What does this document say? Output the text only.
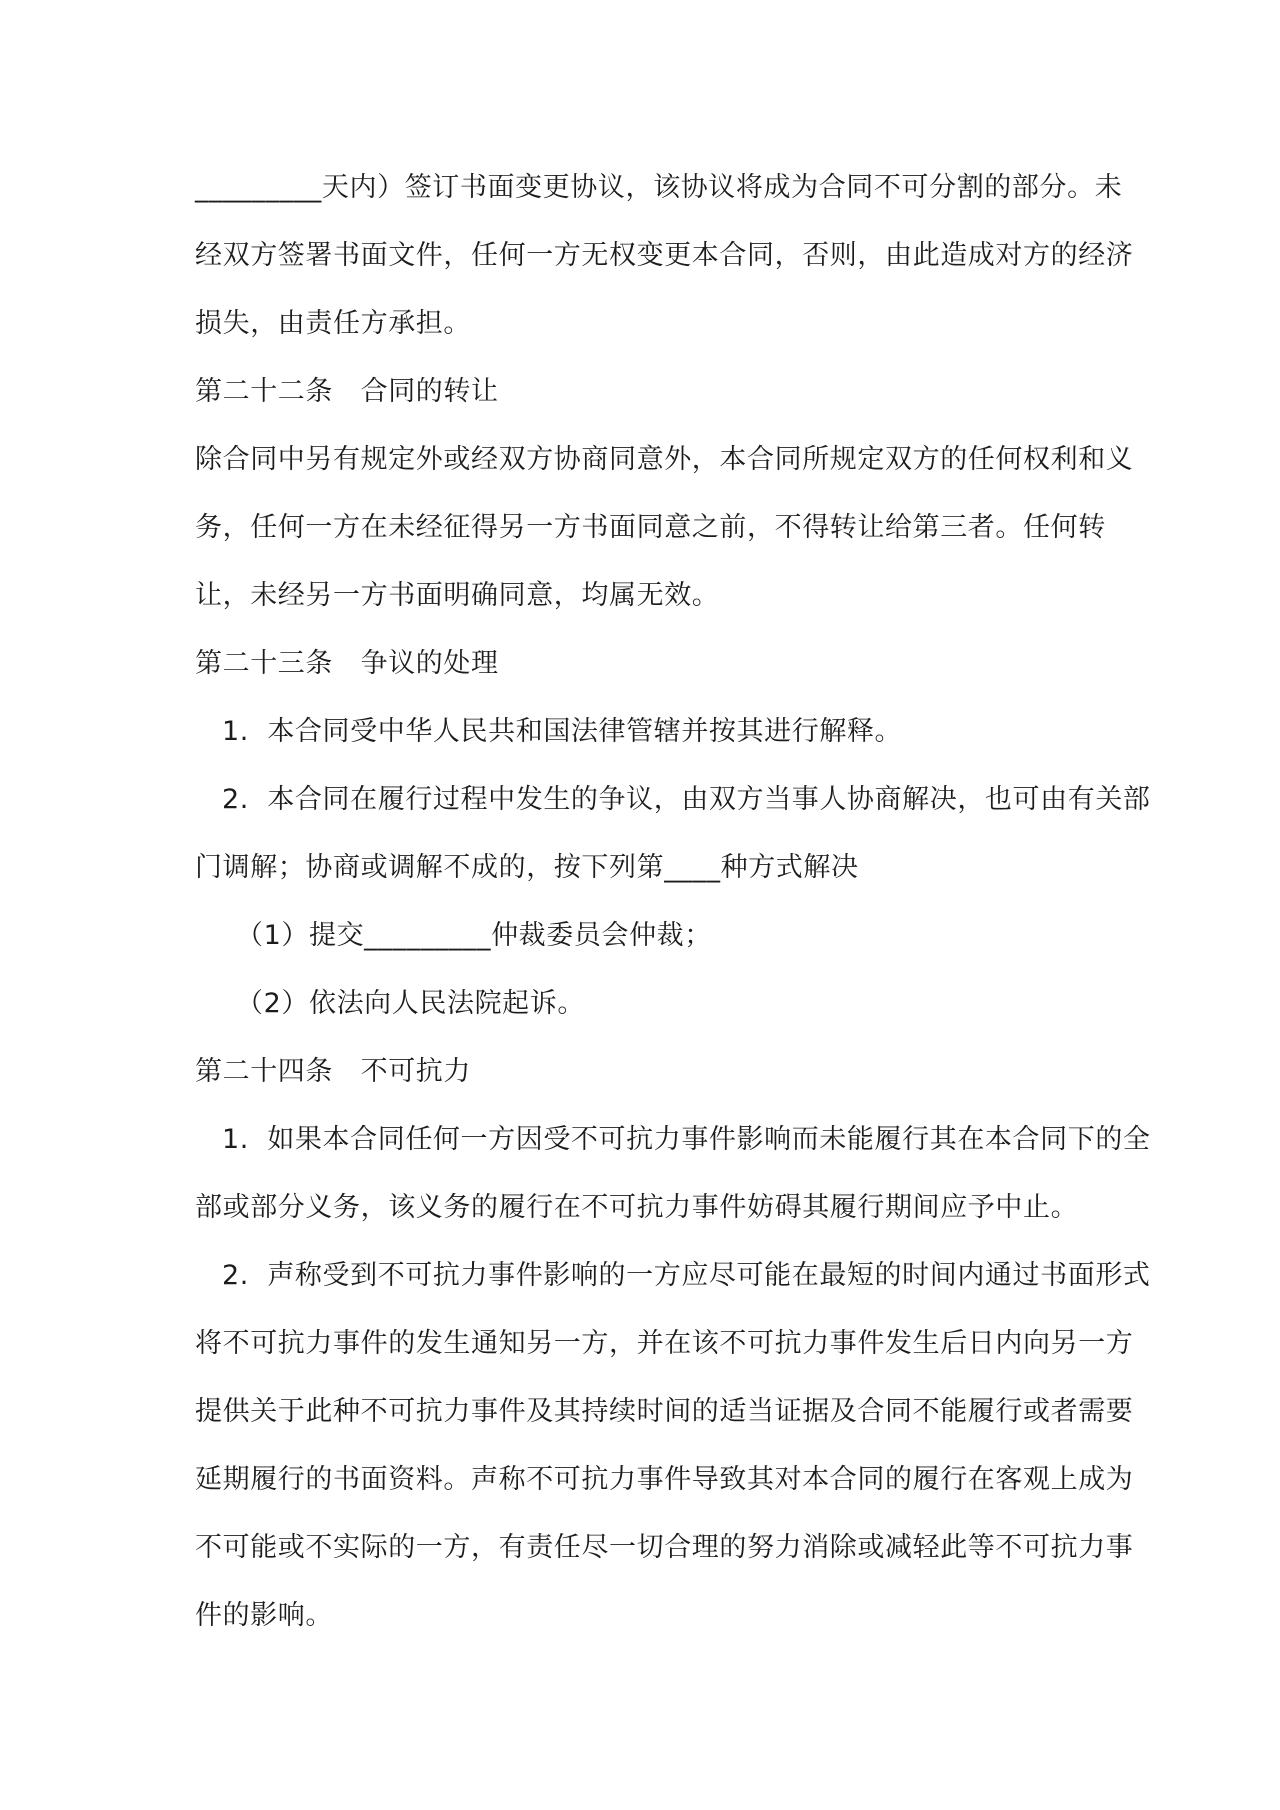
_________天内）签订书面变更协议，该协议将成为合同不可分割的部分。未
经双方签署书面文件，任何一方无权变更本合同，否则，由此造成对方的经济
损失，由责任方承担。
第二十二条　合同的转让
除合同中另有规定外或经双方协商同意外，本合同所规定双方的任何权利和义
务，任何一方在未经征得另一方书面同意之前，不得转让给第三者。任何转
让，未经另一方书面明确同意，均属无效。
第二十三条　争议的处理
1.  本合同受中华人民共和国法律管辖并按其进行解释。
2.  本合同在履行过程中发生的争议，由双方当事人协商解决，也可由有关部
门调解；协商或调解不成的，按下列第____种方式解决
（1）提交_________仲裁委员会仲裁；
（2）依法向人民法院起诉。
第二十四条　不可抗力
1.  如果本合同任何一方因受不可抗力事件影响而未能履行其在本合同下的全
部或部分义务，该义务的履行在不可抗力事件妨碍其履行期间应予中止。
2.  声称受到不可抗力事件影响的一方应尽可能在最短的时间内通过书面形式
将不可抗力事件的发生通知另一方，并在该不可抗力事件发生后日内向另一方
提供关于此种不可抗力事件及其持续时间的适当证据及合同不能履行或者需要
延期履行的书面资料。声称不可抗力事件导致其对本合同的履行在客观上成为
不可能或不实际的一方，有责任尽一切合理的努力消除或减轻此等不可抗力事
件的影响。
